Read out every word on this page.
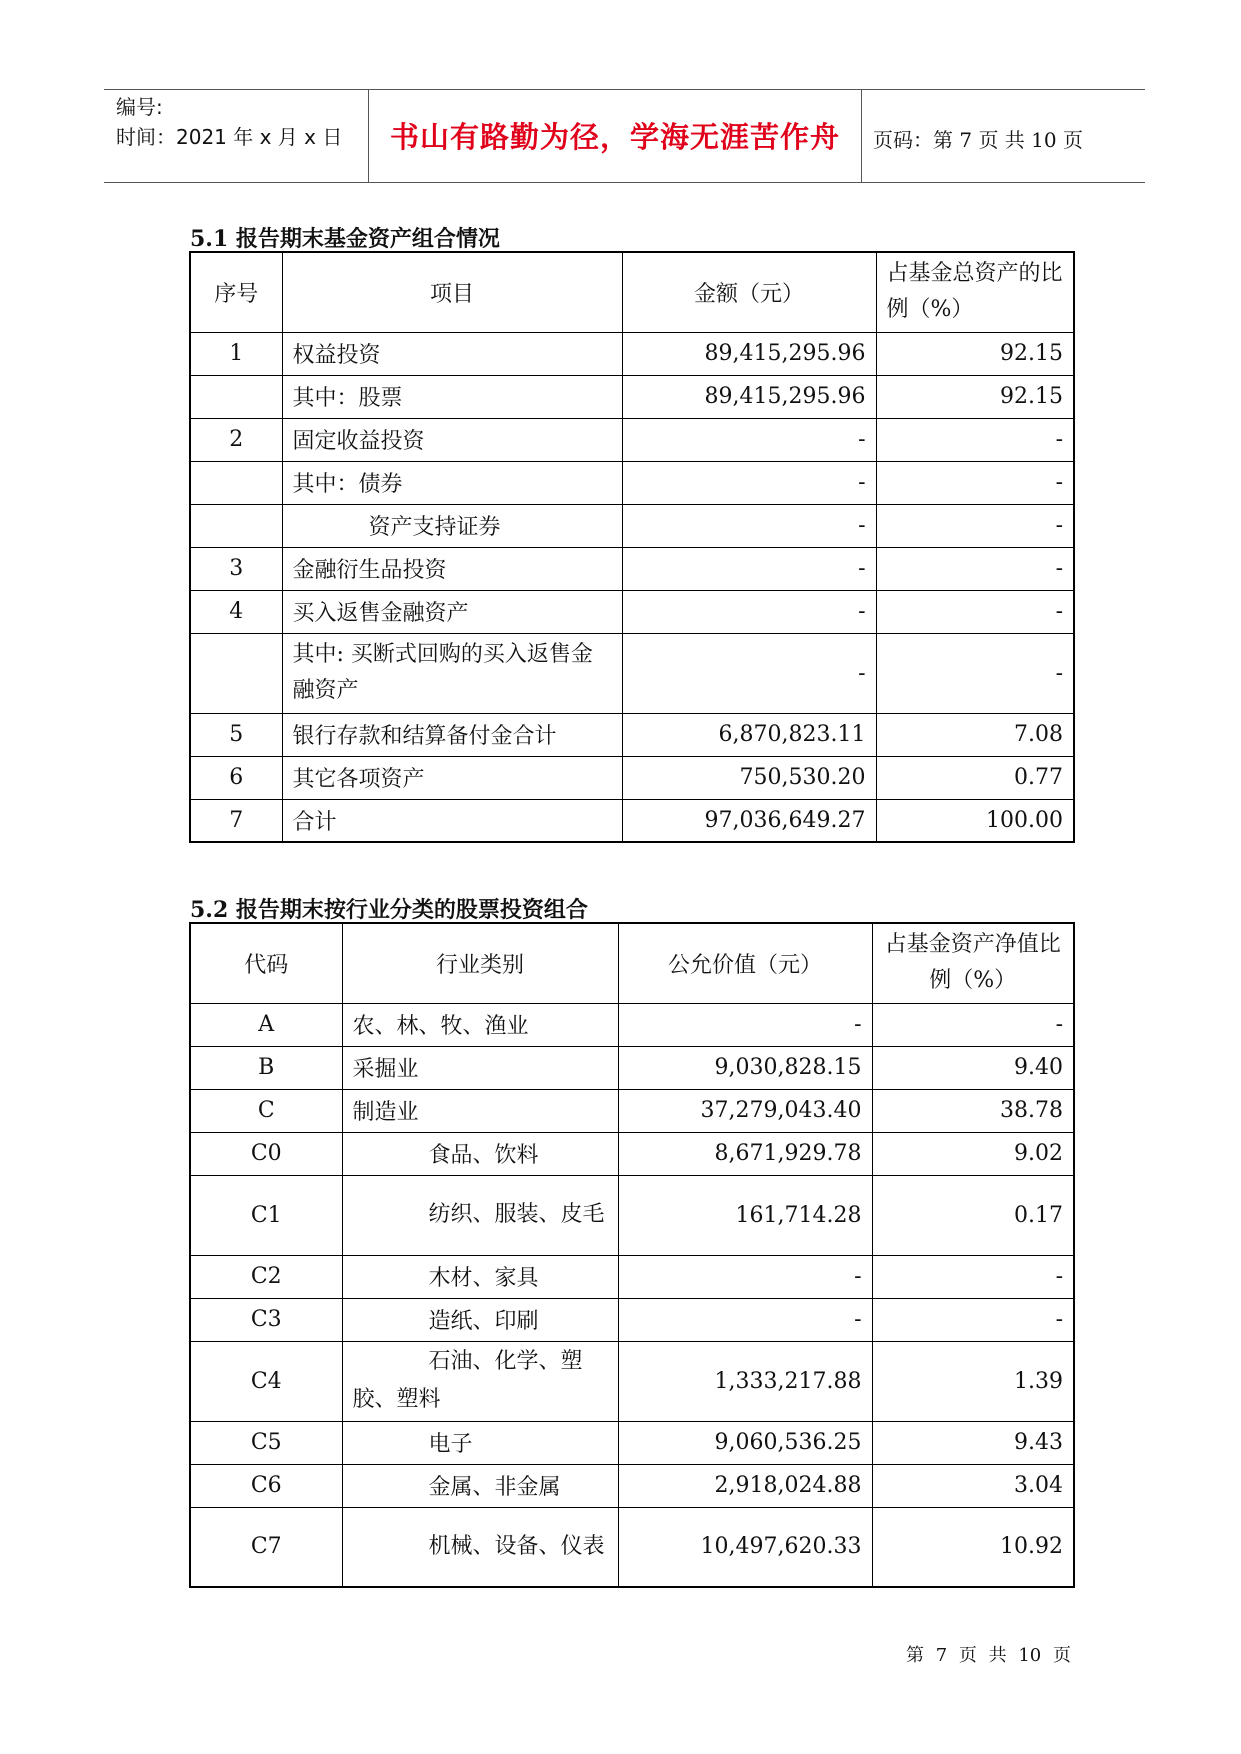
编号:
时间：2021 年 x 月 x 日	书山有路勤为径，学海无涯苦作舟	页码：第 7 页 共 10 页
5.1 报告期末基金资产组合情况
序号	项目	金额（元）	占基金总资产的比例（%）
1	权益投资	89,415,295.96	92.15
	其中：股票	89,415,295.96	92.15
2	固定收益投资	-	-
	其中：债券	-	-
	资产支持证券	-	-
3	金融衍生品投资	-	-
4	买入返售金融资产	-	-
	其中: 买断式回购的买入返售金融资产	-	-
5	银行存款和结算备付金合计	6,870,823.11	7.08
6	其它各项资产	750,530.20	0.77
7	合计	97,036,649.27	100.00
5.2 报告期末按行业分类的股票投资组合
代码	行业类别	公允价值（元）	占基金资产净值比例（%）
A	农、林、牧、渔业	-	-
B	采掘业	9,030,828.15	9.40
C	制造业	37,279,043.40	38.78
C0	食品、饮料	8,671,929.78	9.02
C1	纺织、服装、皮毛	161,714.28	0.17
C2	木材、家具	-	-
C3	造纸、印刷	-	-
C4	石油、化学、塑胶、塑料	1,333,217.88	1.39
C5	电子	9,060,536.25	9.43
C6	金属、非金属	2,918,024.88	3.04
C7	机械、设备、仪表	10,497,620.33	10.92
第 7 页 共 10 页
